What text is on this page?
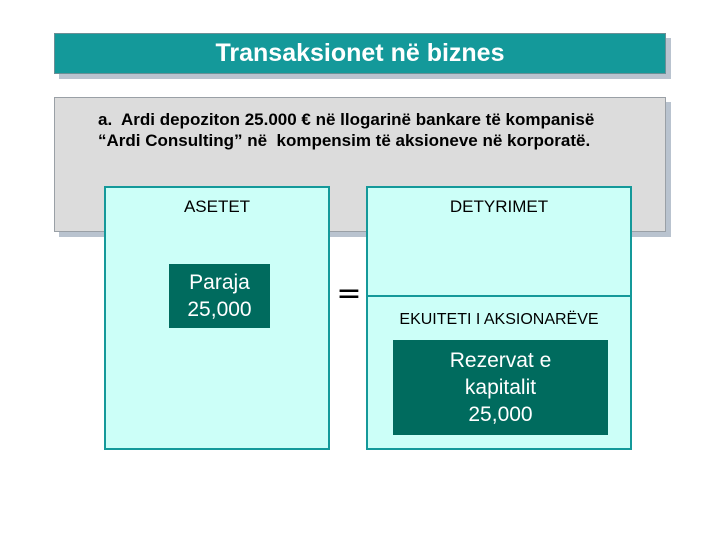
Transaksionet në biznes
a.  Ardi depoziton 25.000 € në llogarinë bankare të kompanisë
“Ardi Consulting” në  kompensim të aksioneve në korporatë.
ASETET	DETYRIMET
EKUITETI I AKSIONARËVE
Paraja
25,000	=
Rezervat e
kapitalit
25,000
